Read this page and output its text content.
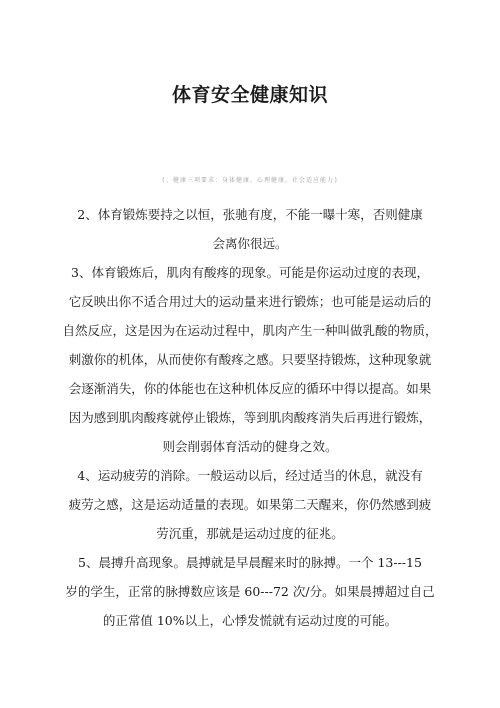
体育安全健康知识
(、健康三项要求：身体健康，心理健康，社会适应能力)
2、体育锻炼要持之以恒，张驰有度，不能一曝十寒，否则健康
会离你很远。
3、体育锻炼后，肌肉有酸疼的现象。可能是你运动过度的表现，
它反映出你不适合用过大的运动量来进行锻炼；也可能是运动后的
自然反应，这是因为在运动过程中，肌肉产生一种叫做乳酸的物质，
刺激你的机体，从而使你有酸疼之感。只要坚持锻炼，这种现象就
会逐渐消失，你的体能也在这种机体反应的循环中得以提高。如果
因为感到肌肉酸疼就停止锻炼，等到肌肉酸疼消失后再进行锻炼，
则会削弱体育活动的健身之效。
4、运动疲劳的消除。一般运动以后，经过适当的休息，就没有
疲劳之感，这是运动适量的表现。如果第二天醒来，你仍然感到疲
劳沉重，那就是运动过度的征兆。
5、晨搏升高现象。晨搏就是早晨醒来时的脉搏。一个 13---15
岁的学生，正常的脉搏数应该是 60---72 次/分。如果晨搏超过自己
的正常值 10%以上，心悸发慌就有运动过度的可能。
